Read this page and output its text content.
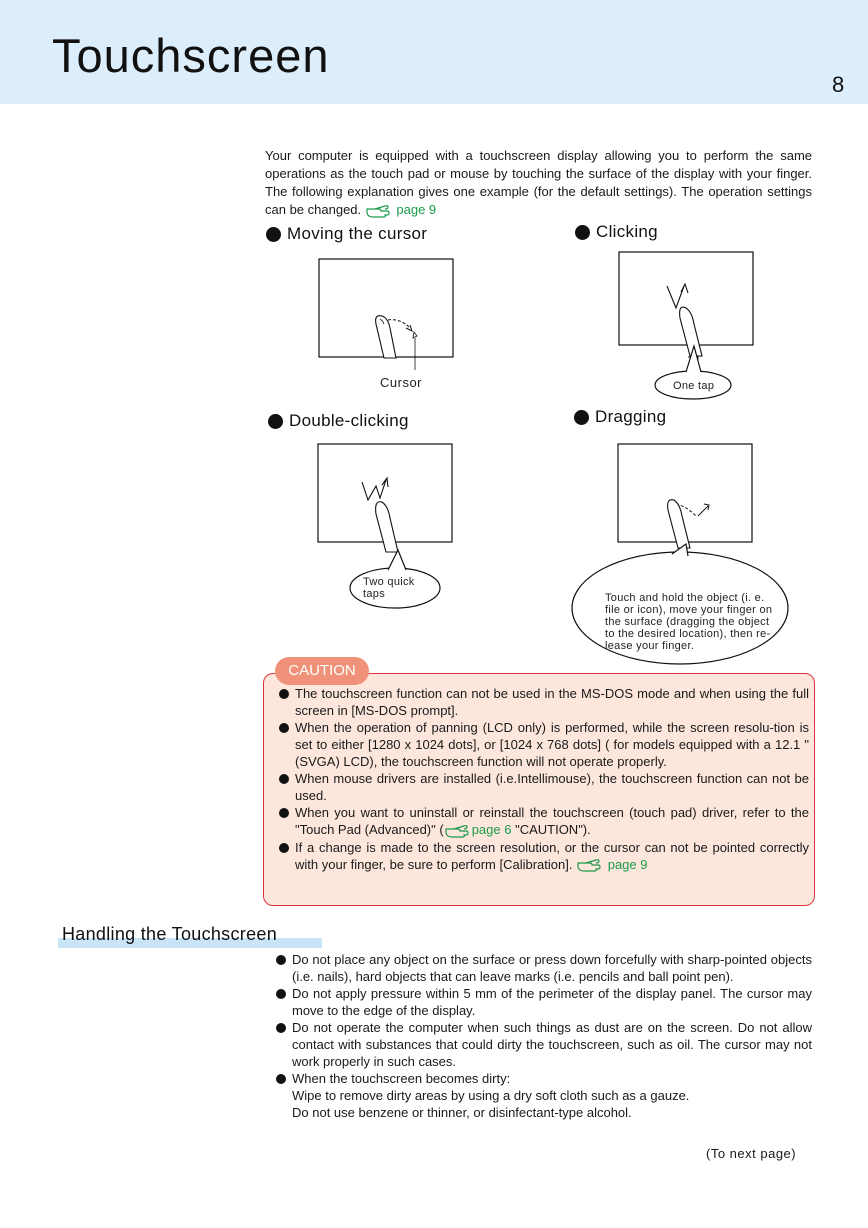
Touchscreen
8
Your computer is equipped with a touchscreen display allowing you to perform the same operations as the touch pad or mouse by touching the surface of the display with your finger. The following explanation gives one example (for the default settings). The operation settings can be changed.	page 9
Moving the cursor	Clicking
Double-clicking	Dragging
Cursor	One tap
Two quick
taps	Touch and hold the object (i. e.
file or icon), move your finger on
the surface (dragging the object
to the desired location), then re-
lease your finger.
CAUTION
The touchscreen function can not be used in the MS-DOS mode and when using the full screen in [MS-DOS prompt].
When the operation of panning (LCD only) is performed, while the screen resolu-tion is set to either [1280 x 1024 dots], or [1024 x 768 dots] ( for models equipped with a 12.1 " (SVGA) LCD), the touchscreen function will not operate properly.
When mouse drivers are installed (i.e.Intellimouse), the touchscreen function can not be used.
When you want to uninstall or reinstall the touchscreen (touch pad) driver, refer to the "Touch Pad (Advanced)" ( page 6 "CAUTION").
If a change is made to the screen resolution, or the cursor can not be pointed correctly with your finger, be sure to perform [Calibration].	page 9
Handling the Touchscreen
Do not place any object on the surface or press down forcefully with sharp-pointed objects (i.e. nails), hard objects that can leave marks (i.e. pencils and ball point pen).
Do not apply pressure within 5 mm of the perimeter of the display panel. The cursor may move to the edge of the display.
Do not operate the computer when such things as dust are on the screen. Do not allow contact with substances that could dirty the touchscreen, such as oil. The cursor may not work properly in such cases.
When the touchscreen becomes dirty:
Wipe to remove dirty areas by using a dry soft cloth such as a gauze.
Do not use benzene or thinner, or disinfectant-type alcohol.
(To next page)
